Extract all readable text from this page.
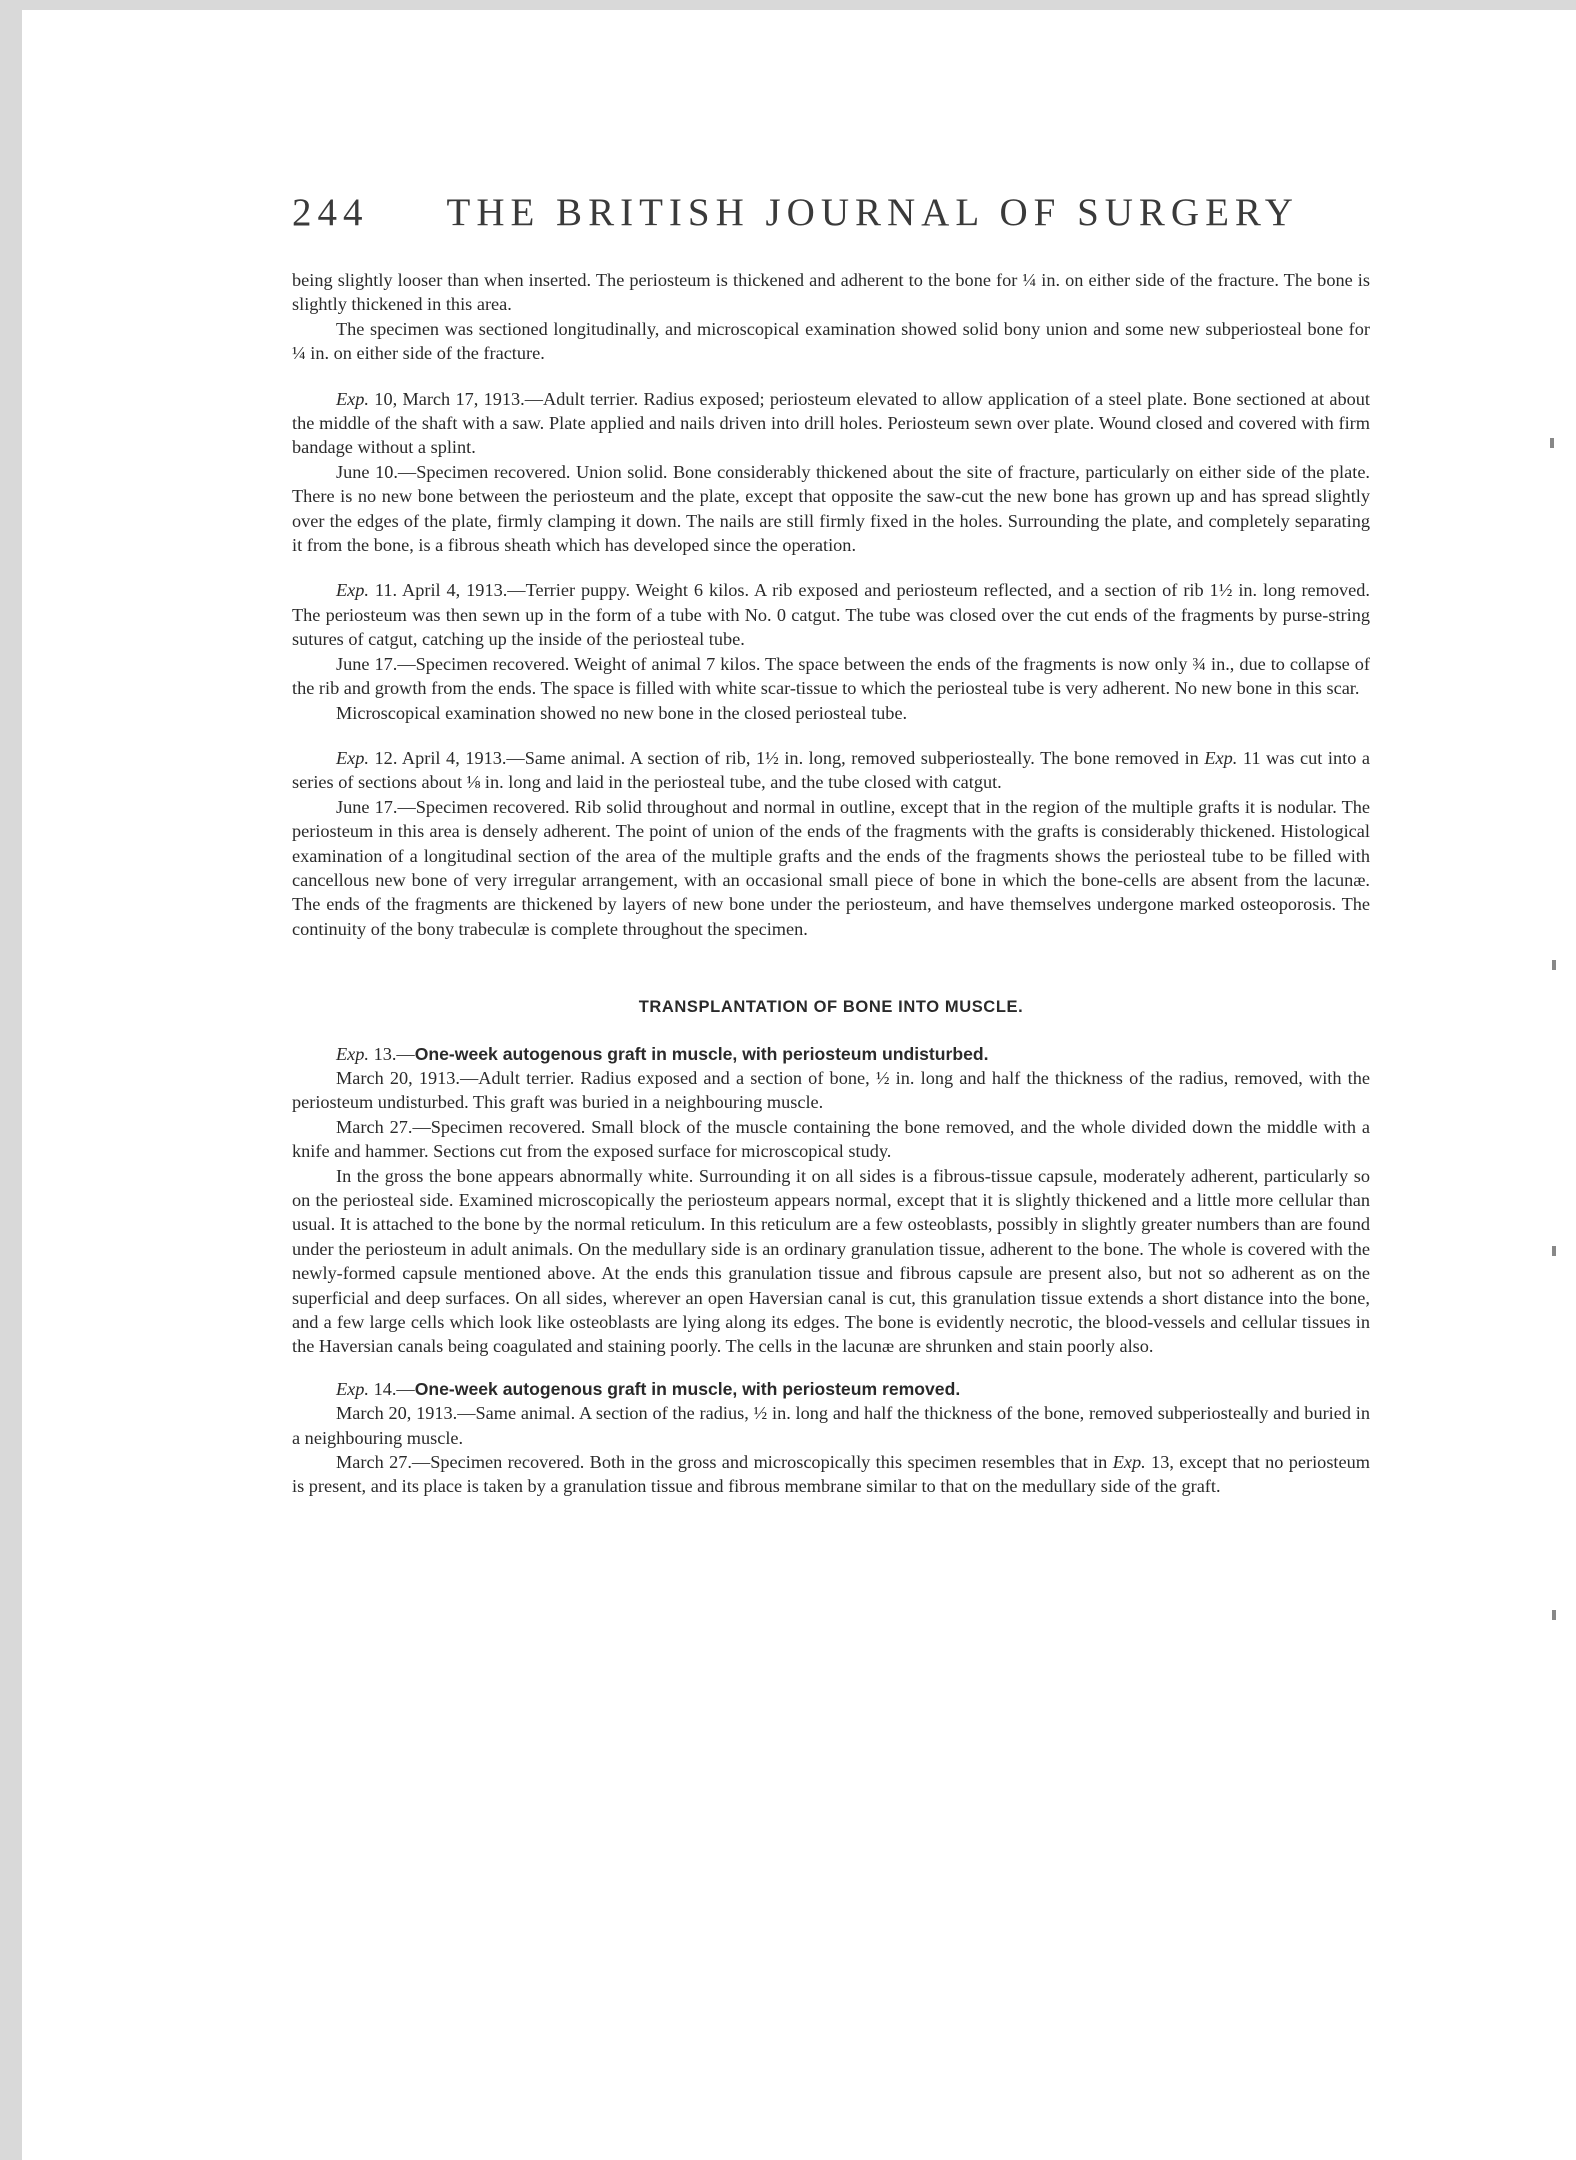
244 THE BRITISH JOURNAL OF SURGERY

being slightly looser than when inserted. The periosteum is thickened and adherent to the bone for ¼ in. on either side of the fracture. The bone is slightly thickened in this area.

The specimen was sectioned longitudinally, and microscopical examination showed solid bony union and some new subperiosteal bone for ¼ in. on either side of the fracture.

Exp. 10, March 17, 1913.—Adult terrier. Radius exposed; periosteum elevated to allow application of a steel plate. Bone sectioned at about the middle of the shaft with a saw. Plate applied and nails driven into drill holes. Periosteum sewn over plate. Wound closed and covered with firm bandage without a splint.

June 10.—Specimen recovered. Union solid. Bone considerably thickened about the site of fracture, particularly on either side of the plate. There is no new bone between the periosteum and the plate, except that opposite the saw-cut the new bone has grown up and has spread slightly over the edges of the plate, firmly clamping it down. The nails are still firmly fixed in the holes. Surrounding the plate, and completely separating it from the bone, is a fibrous sheath which has developed since the operation.

Exp. 11. April 4, 1913.—Terrier puppy. Weight 6 kilos. A rib exposed and periosteum reflected, and a section of rib 1½ in. long removed. The periosteum was then sewn up in the form of a tube with No. 0 catgut. The tube was closed over the cut ends of the fragments by purse-string sutures of catgut, catching up the inside of the periosteal tube.

June 17.—Specimen recovered. Weight of animal 7 kilos. The space between the ends of the fragments is now only ¾ in., due to collapse of the rib and growth from the ends. The space is filled with white scar-tissue to which the periosteal tube is very adherent. No new bone in this scar.

Microscopical examination showed no new bone in the closed periosteal tube.

Exp. 12. April 4, 1913.—Same animal. A section of rib, 1½ in. long, removed subperiosteally. The bone removed in Exp. 11 was cut into a series of sections about ⅛ in. long and laid in the periosteal tube, and the tube closed with catgut.

June 17.—Specimen recovered. Rib solid throughout and normal in outline, except that in the region of the multiple grafts it is nodular. The periosteum in this area is densely adherent. The point of union of the ends of the fragments with the grafts is considerably thickened. Histological examination of a longitudinal section of the area of the multiple grafts and the ends of the fragments shows the periosteal tube to be filled with cancellous new bone of very irregular arrangement, with an occasional small piece of bone in which the bone-cells are absent from the lacunæ. The ends of the fragments are thickened by layers of new bone under the periosteum, and have themselves undergone marked osteoporosis. The continuity of the bony trabeculæ is complete throughout the specimen.

TRANSPLANTATION OF BONE INTO MUSCLE.

Exp. 13.—One-week autogenous graft in muscle, with periosteum undisturbed.

March 20, 1913.—Adult terrier. Radius exposed and a section of bone, ½ in. long and half the thickness of the radius, removed, with the periosteum undisturbed. This graft was buried in a neighbouring muscle.

March 27.—Specimen recovered. Small block of the muscle containing the bone removed, and the whole divided down the middle with a knife and hammer. Sections cut from the exposed surface for microscopical study.

In the gross the bone appears abnormally white. Surrounding it on all sides is a fibrous-tissue capsule, moderately adherent, particularly so on the periosteal side. Examined microscopically the periosteum appears normal, except that it is slightly thickened and a little more cellular than usual. It is attached to the bone by the normal reticulum. In this reticulum are a few osteoblasts, possibly in slightly greater numbers than are found under the periosteum in adult animals. On the medullary side is an ordinary granulation tissue, adherent to the bone. The whole is covered with the newly-formed capsule mentioned above. At the ends this granulation tissue and fibrous capsule are present also, but not so adherent as on the superficial and deep surfaces. On all sides, wherever an open Haversian canal is cut, this granulation tissue extends a short distance into the bone, and a few large cells which look like osteoblasts are lying along its edges. The bone is evidently necrotic, the blood-vessels and cellular tissues in the Haversian canals being coagulated and staining poorly. The cells in the lacunæ are shrunken and stain poorly also.

Exp. 14.—One-week autogenous graft in muscle, with periosteum removed.

March 20, 1913.—Same animal. A section of the radius, ½ in. long and half the thickness of the bone, removed subperiosteally and buried in a neighbouring muscle.

March 27.—Specimen recovered. Both in the gross and microscopically this specimen resembles that in Exp. 13, except that no periosteum is present, and its place is taken by a granulation tissue and fibrous membrane similar to that on the medullary side of the graft.
